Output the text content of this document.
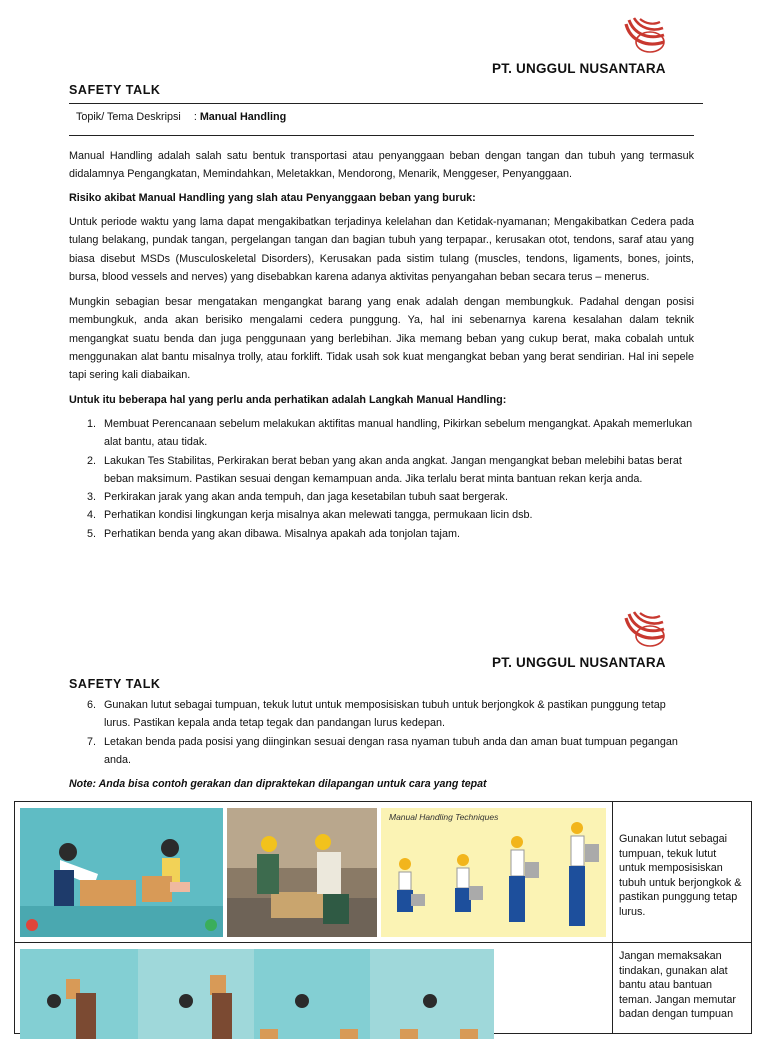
PT. UNGGUL NUSANTARA
SAFETY TALK
Topik/ Tema Deskripsi : Manual Handling
Manual Handling adalah salah satu bentuk transportasi atau penyanggaan beban dengan tangan dan tubuh yang termasuk didalamnya Pengangkatan, Memindahkan, Meletakkan, Mendorong, Menarik, Menggeser, Penyanggaan.
Risiko akibat Manual Handling yang slah atau Penyanggaan beban yang buruk:
Untuk periode waktu yang lama dapat mengakibatkan terjadinya kelelahan dan Ketidak-nyamanan; Mengakibatkan Cedera pada tulang belakang, pundak tangan, pergelangan tangan dan bagian tubuh yang terpapar., kerusakan otot, tendons, saraf atau yang biasa disebut MSDs (Musculoskeletal Disorders), Kerusakan pada sistim tulang (muscles, tendons, ligaments, bones, joints, bursa, blood vessels and nerves) yang disebabkan karena adanya aktivitas penyangahan beban secara terus – menerus.
Mungkin sebagian besar mengatakan mengangkat barang yang enak adalah dengan membungkuk. Padahal dengan posisi membungkuk, anda akan berisiko mengalami cedera punggung. Ya, hal ini sebenarnya karena kesalahan dalam teknik mengangkat suatu benda dan juga penggunaan yang berlebihan. Jika memang beban yang cukup berat, maka cobalah untuk menggunakan alat bantu misalnya trolly, atau forklift. Tidak usah sok kuat mengangkat beban yang berat sendirian. Hal ini sepele tapi sering kali diabaikan.
Untuk itu beberapa hal yang perlu anda perhatikan adalah Langkah Manual Handling:
1. Membuat Perencanaan sebelum melakukan aktifitas manual handling, Pikirkan sebelum mengangkat. Apakah memerlukan alat bantu, atau tidak.
2. Lakukan Tes Stabilitas, Perkirakan berat beban yang akan anda angkat. Jangan mengangkat beban melebihi batas berat beban maksimum. Pastikan sesuai dengan kemampuan anda. Jika terlalu berat minta bantuan rekan kerja anda.
3. Perkirakan jarak yang akan anda tempuh, dan jaga kesetabilan tubuh saat bergerak.
4. Perhatikan kondisi lingkungan kerja misalnya akan melewati tangga, permukaan licin dsb.
5. Perhatikan benda yang akan dibawa. Misalnya apakah ada tonjolan tajam.
PT. UNGGUL NUSANTARA
SAFETY TALK
6. Gunakan lutut sebagai tumpuan, tekuk lutut untuk memposisiskan tubuh untuk berjongkok & pastikan punggung tetap lurus. Pastikan kepala anda tetap tegak dan pandangan lurus kedepan.
7. Letakan benda pada posisi yang diinginkan sesuai dengan rasa nyaman tubuh anda dan aman buat tumpuan pegangan anda.
Note: Anda bisa contoh gerakan dan dipraktekan dilapangan untuk cara yang tepat
Manual Handling Techniques	Gunakan lutut sebagai tumpuan, tekuk lutut untuk memposisiskan tubuh untuk berjongkok & pastikan punggung tetap lurus.

Jangan memaksakan tindakan, gunakan alat bantu atau bantuan teman. Jangan memutar badan dengan tumpuan
